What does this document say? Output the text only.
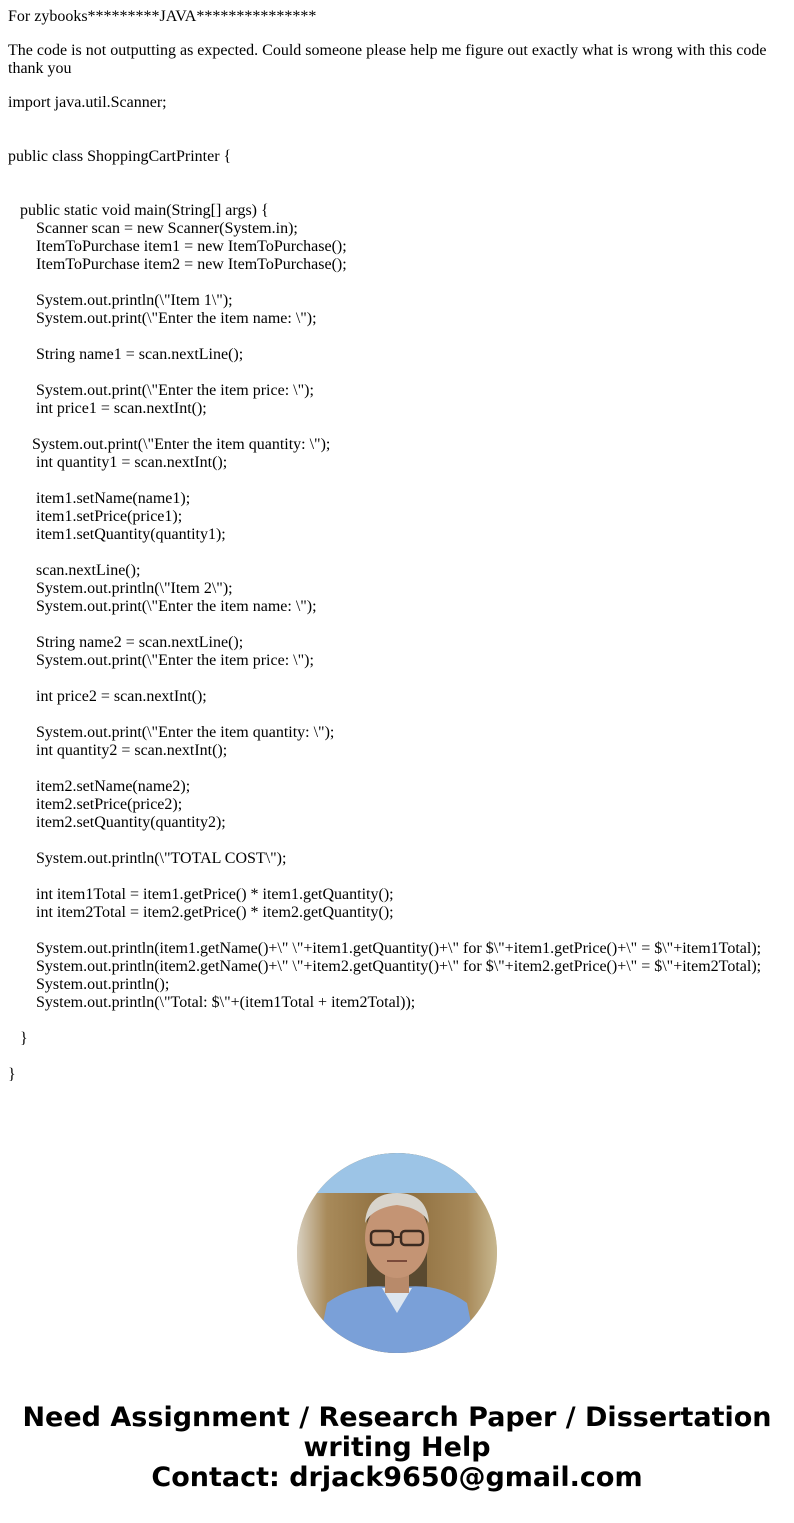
For zybooks*********JAVA***************
The code is not outputting as expected. Could someone please help me figure out exactly what is wrong with this code thank you
import java.util.Scanner;
public class ShoppingCartPrinter {
public static void main(String[] args) {
Scanner scan = new Scanner(System.in);
ItemToPurchase item1 = new ItemToPurchase();
ItemToPurchase item2 = new ItemToPurchase();
System.out.println(\"Item 1\");
System.out.print(\"Enter the item name: \");
String name1 = scan.nextLine();
System.out.print(\"Enter the item price: \");
int price1 = scan.nextInt();
System.out.print(\"Enter the item quantity: \");
int quantity1 = scan.nextInt();
item1.setName(name1);
item1.setPrice(price1);
item1.setQuantity(quantity1);
scan.nextLine();
System.out.println(\"Item 2\");
System.out.print(\"Enter the item name: \");
String name2 = scan.nextLine();
System.out.print(\"Enter the item price: \");
int price2 = scan.nextInt();
System.out.print(\"Enter the item quantity: \");
int quantity2 = scan.nextInt();
item2.setName(name2);
item2.setPrice(price2);
item2.setQuantity(quantity2);
System.out.println(\"TOTAL COST\");
int item1Total = item1.getPrice() * item1.getQuantity();
int item2Total = item2.getPrice() * item2.getQuantity();
System.out.println(item1.getName()+\" \"+item1.getQuantity()+\" for $\"+item1.getPrice()+\" = $\"+item1Total);
System.out.println(item2.getName()+\" \"+item2.getQuantity()+\" for $\"+item2.getPrice()+\" = $\"+item2Total);
System.out.println();
System.out.println(\"Total: $\"+(item1Total + item2Total));
}
}
Need Assignment / Research Paper / Dissertation
writing Help
Contact: drjack9650@gmail.com
